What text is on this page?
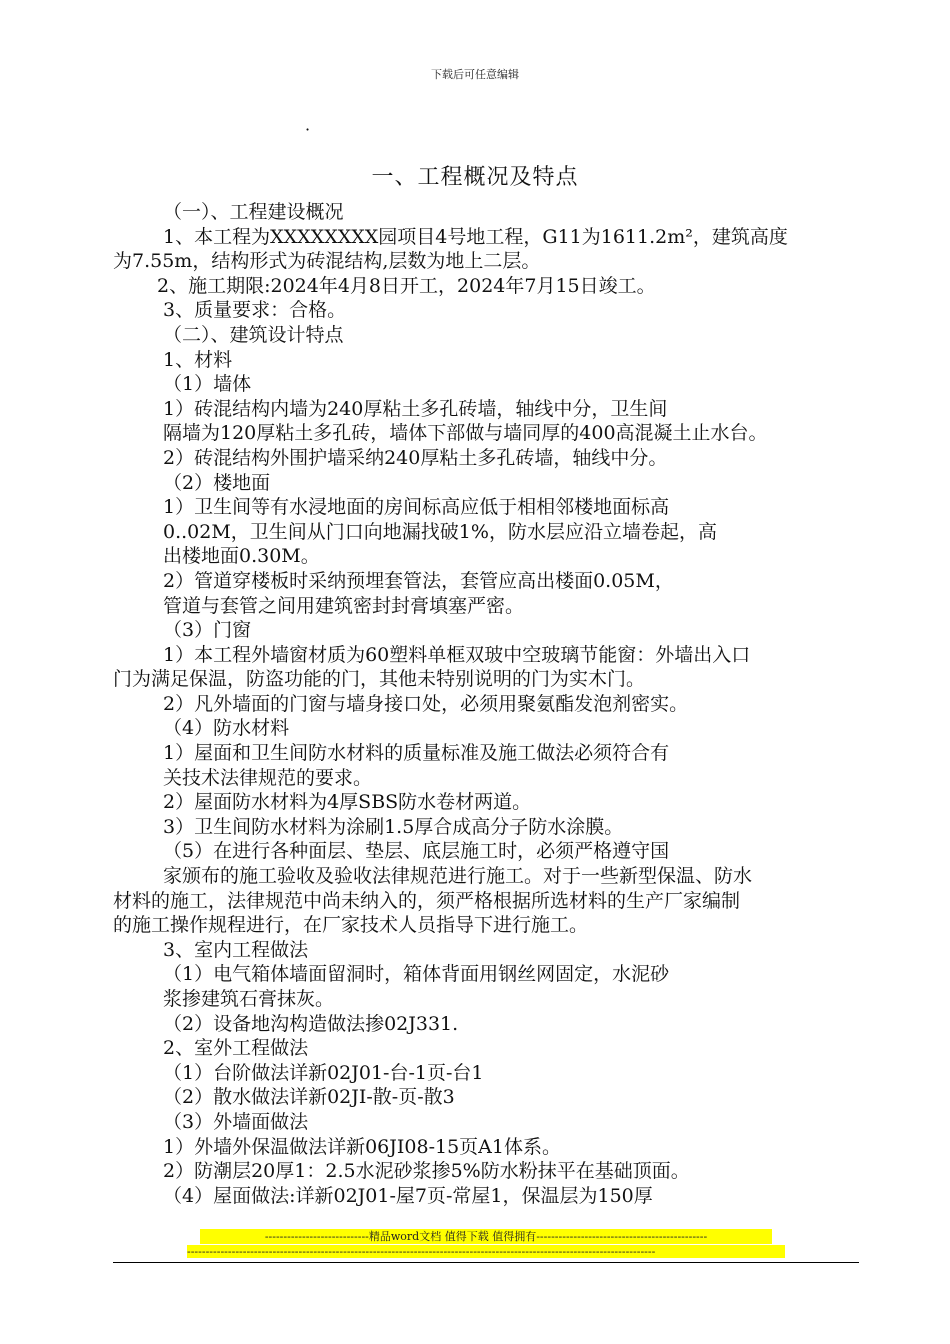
下载后可任意编辑
·
一、工程概况及特点
（一）、工程建设概况
1、本工程为XXXXXXXX园项目4号地工程，G11为1611.2m²，建筑高度
为7.55m，结构形式为砖混结构,层数为地上二层。
2、施工期限:2024年4月8日开工，2024年7月15日竣工。
3、质量要求：合格。
（二）、建筑设计特点
1、材料
（1）墙体
1）砖混结构内墙为240厚粘土多孔砖墙，轴线中分，卫生间
隔墙为120厚粘土多孔砖，墙体下部做与墙同厚的400高混凝土止水台。
2）砖混结构外围护墙采纳240厚粘土多孔砖墙，轴线中分。
（2）楼地面
1）卫生间等有水浸地面的房间标高应低于相相邻楼地面标高
0..02M，卫生间从门口向地漏找破1%，防水层应沿立墙卷起，高
出楼地面0.30M。
2）管道穿楼板时采纳预埋套管法，套管应高出楼面0.05M，
管道与套管之间用建筑密封封膏填塞严密。
（3）门窗
1）本工程外墙窗材质为60塑料单框双玻中空玻璃节能窗：外墙出入口
门为满足保温，防盗功能的门，其他未特别说明的门为实木门。
2）凡外墙面的门窗与墙身接口处，必须用聚氨酯发泡剂密实。
（4）防水材料
1）屋面和卫生间防水材料的质量标准及施工做法必须符合有
关技术法律规范的要求。
2）屋面防水材料为4厚SBS防水卷材两道。
3）卫生间防水材料为涂刷1.5厚合成高分子防水涂膜。
（5）在进行各种面层、垫层、底层施工时，必须严格遵守国
家颁布的施工验收及验收法律规范进行施工。对于一些新型保温、防水
材料的施工，法律规范中尚未纳入的，须严格根据所选材料的生产厂家编制
的施工操作规程进行，在厂家技术人员指导下进行施工。
3、室内工程做法
（1）电气箱体墙面留洞时，箱体背面用钢丝网固定，水泥砂
浆掺建筑石膏抹灰。
（2）设备地沟构造做法掺02J331.
2、室外工程做法
（1）台阶做法详新02J01-台-1页-台1
（2）散水做法详新02JI-散-页-散3
（3）外墙面做法
1）外墙外保温做法详新06JI08-15页A1体系。
2）防潮层20厚1：2.5水泥砂浆掺5%防水粉抹平在基础顶面。
（4）屋面做法:详新02J01-屋7页-常屋1，保温层为150厚
----------------------------精品word文档 值得下载 值得拥有----------------------------------------------
------------------------------------------------------------------------------------------------------------------------------
